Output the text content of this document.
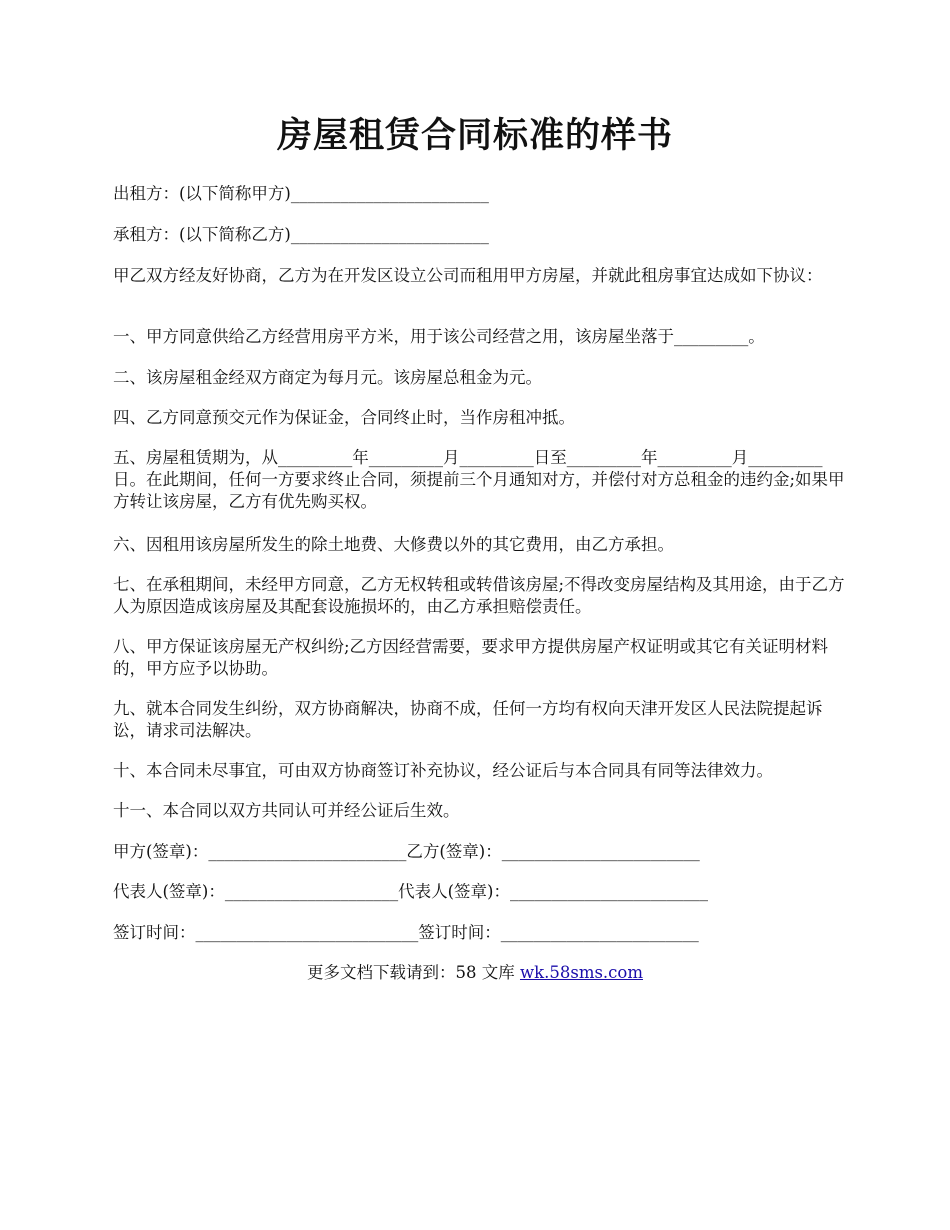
房屋租赁合同标准的样书

出租方：(以下简称甲方)________________________

承租方：(以下简称乙方)________________________

甲乙双方经友好协商，乙方为在开发区设立公司而租用甲方房屋，并就此租房事宜达成如下协议：

一、甲方同意供给乙方经营用房平方米，用于该公司经营之用，该房屋坐落于_________。

二、该房屋租金经双方商定为每月元。该房屋总租金为元。

四、乙方同意预交元作为保证金，合同终止时，当作房租冲抵。

五、房屋租赁期为，从_________年_________月_________日至_________年_________月_________日。在此期间，任何一方要求终止合同，须提前三个月通知对方，并偿付对方总租金的违约金;如果甲方转让该房屋，乙方有优先购买权。

六、因租用该房屋所发生的除土地费、大修费以外的其它费用，由乙方承担。

七、在承租期间，未经甲方同意，乙方无权转租或转借该房屋;不得改变房屋结构及其用途，由于乙方人为原因造成该房屋及其配套设施损坏的，由乙方承担赔偿责任。

八、甲方保证该房屋无产权纠纷;乙方因经营需要，要求甲方提供房屋产权证明或其它有关证明材料的，甲方应予以协助。

九、就本合同发生纠纷，双方协商解决，协商不成，任何一方均有权向天津开发区人民法院提起诉讼，请求司法解决。

十、本合同未尽事宜，可由双方协商签订补充协议，经公证后与本合同具有同等法律效力。

十一、本合同以双方共同认可并经公证后生效。

甲方(签章)：________________________乙方(签章)：________________________

代表人(签章)：_____________________代表人(签章)：________________________

签订时间：___________________________签订时间：________________________

更多文档下载请到：58 文库 wk.58sms.com
